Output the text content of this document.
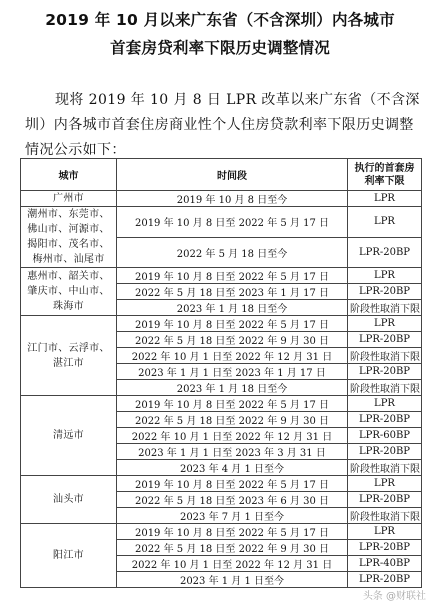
2019 年 10 月以来广东省（不含深圳）内各城市
首套房贷利率下限历史调整情况

现将 2019 年 10 月 8 日 LPR 改革以来广东省（不含深圳）内各城市首套住房商业性个人住房贷款利率下限历史调整情况公示如下：

城市	时间段	执行的首套房利率下限
广州市	2019 年 10 月 8 日至今	LPR
潮州市、东莞市、佛山市、河源市、揭阳市、茂名市、梅州市、汕尾市	2019 年 10 月 8 日至 2022 年 5 月 17 日	LPR
	2022 年 5 月 18 日至今	LPR-20BP
惠州市、韶关市、肇庆市、中山市、珠海市	2019 年 10 月 8 日至 2022 年 5 月 17 日	LPR
	2022 年 5 月 18 日至 2023 年 1 月 17 日	LPR-20BP
	2023 年 1 月 18 日至今	阶段性取消下限
江门市、云浮市、湛江市	2019 年 10 月 8 日至 2022 年 5 月 17 日	LPR
	2022 年 5 月 18 日至 2022 年 9 月 30 日	LPR-20BP
	2022 年 10 月 1 日至 2022 年 12 月 31 日	阶段性取消下限
	2023 年 1 月 1 日至 2023 年 1 月 17 日	LPR-20BP
	2023 年 1 月 18 日至今	阶段性取消下限
清远市	2019 年 10 月 8 日至 2022 年 5 月 17 日	LPR
	2022 年 5 月 18 日至 2022 年 9 月 30 日	LPR-20BP
	2022 年 10 月 1 日至 2022 年 12 月 31 日	LPR-60BP
	2023 年 1 月 1 日至 2023 年 3 月 31 日	LPR-20BP
	2023 年 4 月 1 日至今	阶段性取消下限
汕头市	2019 年 10 月 8 日至 2022 年 5 月 17 日	LPR
	2022 年 5 月 18 日至 2023 年 6 月 30 日	LPR-20BP
	2023 年 7 月 1 日至今	阶段性取消下限
阳江市	2019 年 10 月 8 日至 2022 年 5 月 17 日	LPR
	2022 年 5 月 18 日至 2022 年 9 月 30 日	LPR-20BP
	2022 年 10 月 1 日至 2022 年 12 月 31 日	LPR-40BP
	2023 年 1 月 1 日至今	LPR-20BP
头条 @财联社
